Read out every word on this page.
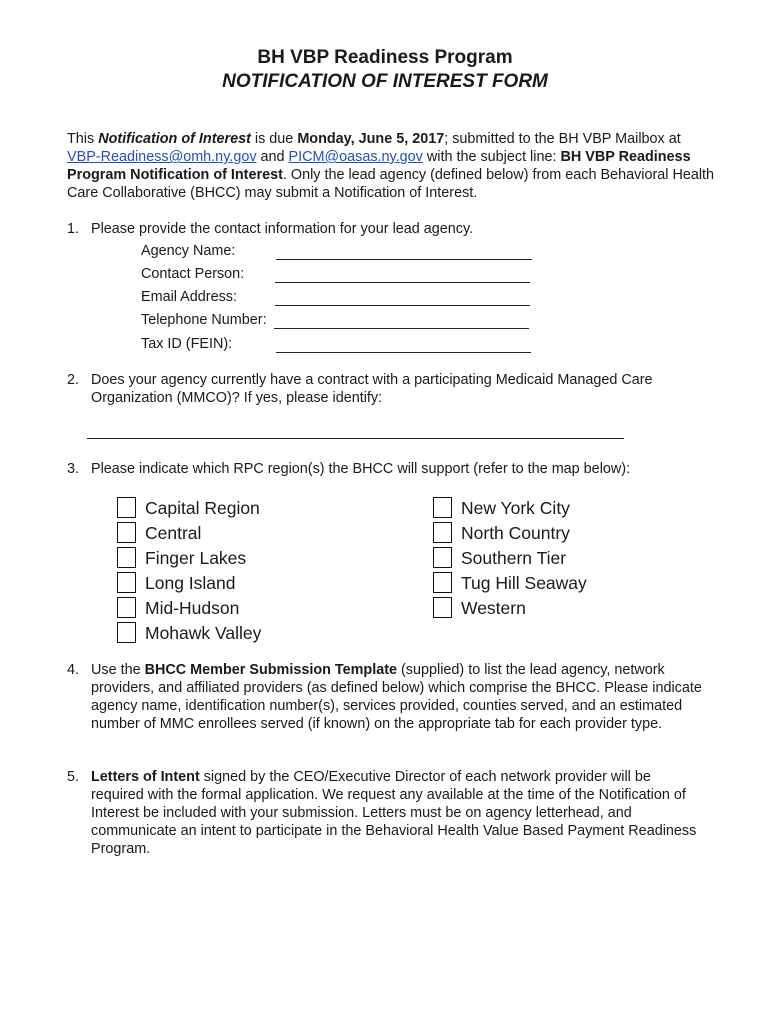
BH VBP Readiness Program
NOTIFICATION OF INTEREST FORM
This Notification of Interest is due Monday, June 5, 2017; submitted to the BH VBP Mailbox at VBP-Readiness@omh.ny.gov and PICM@oasas.ny.gov with the subject line: BH VBP Readiness Program Notification of Interest. Only the lead agency (defined below) from each Behavioral Health Care Collaborative (BHCC) may submit a Notification of Interest.
1. Please provide the contact information for your lead agency.
Agency Name:
Contact Person:
Email Address:
Telephone Number:
Tax ID (FEIN):
2. Does your agency currently have a contract with a participating Medicaid Managed Care Organization (MMCO)? If yes, please identify:
3. Please indicate which RPC region(s) the BHCC will support (refer to the map below):
Capital Region
Central
Finger Lakes
Long Island
Mid-Hudson
Mohawk Valley
New York City
North Country
Southern Tier
Tug Hill Seaway
Western
4. Use the BHCC Member Submission Template (supplied) to list the lead agency, network providers, and affiliated providers (as defined below) which comprise the BHCC. Please indicate agency name, identification number(s), services provided, counties served, and an estimated number of MMC enrollees served (if known) on the appropriate tab for each provider type.
5. Letters of Intent signed by the CEO/Executive Director of each network provider will be required with the formal application. We request any available at the time of the Notification of Interest be included with your submission. Letters must be on agency letterhead, and communicate an intent to participate in the Behavioral Health Value Based Payment Readiness Program.
